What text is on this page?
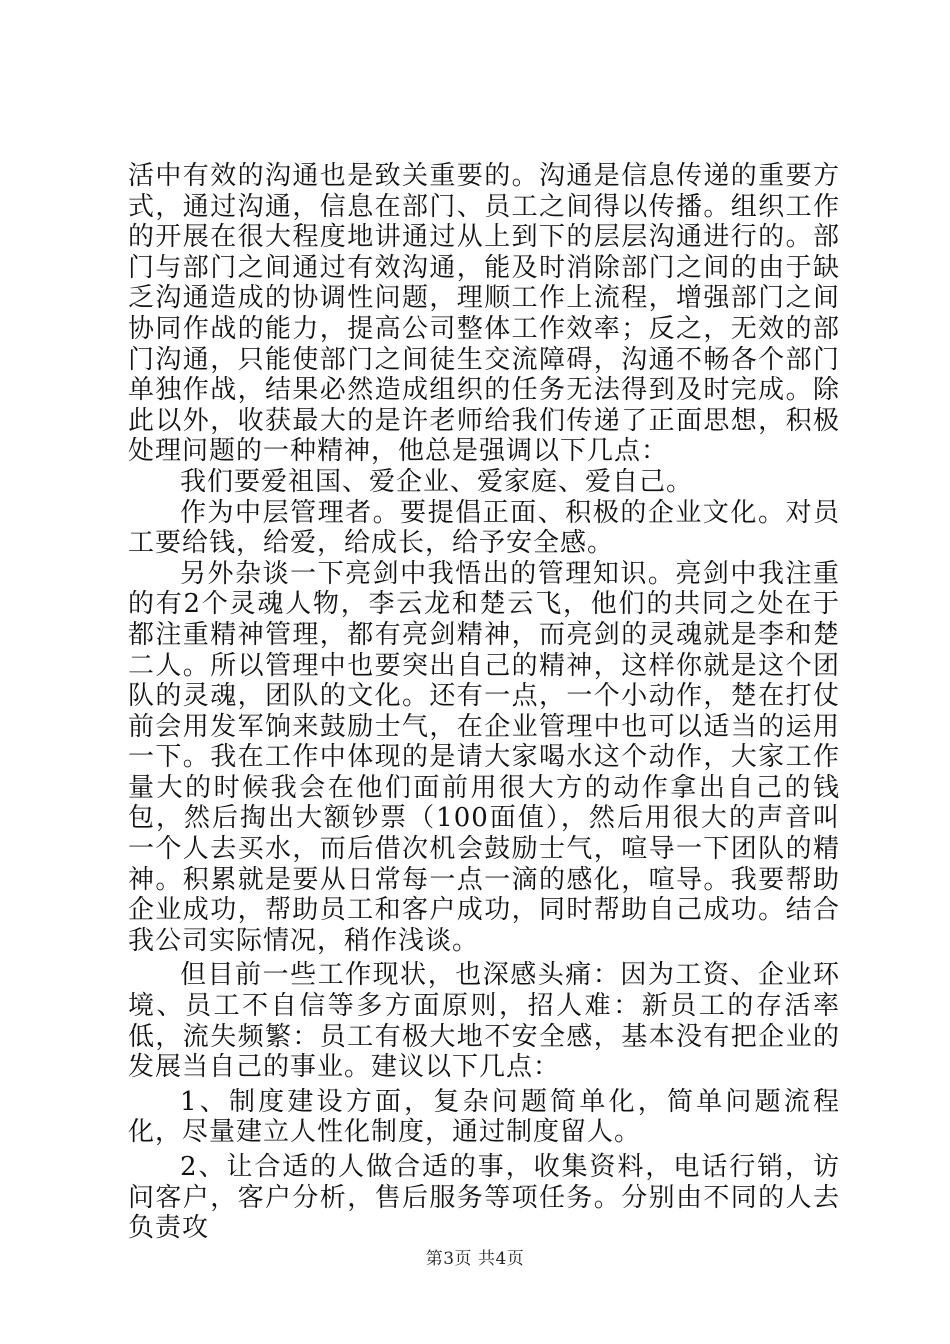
活中有效的沟通也是致关重要的。沟通是信息传递的重要方式，通过沟通，信息在部门、员工之间得以传播。组织工作的开展在很大程度地讲通过从上到下的层层沟通进行的。部门与部门之间通过有效沟通，能及时消除部门之间的由于缺乏沟通造成的协调性问题，理顺工作上流程，增强部门之间协同作战的能力，提高公司整体工作效率；反之，无效的部门沟通，只能使部门之间徒生交流障碍，沟通不畅各个部门单独作战，结果必然造成组织的任务无法得到及时完成。除此以外，收获最大的是许老师给我们传递了正面思想，积极处理问题的一种精神，他总是强调以下几点：

我们要爱祖国、爱企业、爱家庭、爱自己。

作为中层管理者。要提倡正面、积极的企业文化。对员工要给钱，给爱，给成长，给予安全感。

另外杂谈一下亮剑中我悟出的管理知识。亮剑中我注重的有2个灵魂人物，李云龙和楚云飞，他们的共同之处在于都注重精神管理，都有亮剑精神，而亮剑的灵魂就是李和楚二人。所以管理中也要突出自己的精神，这样你就是这个团队的灵魂，团队的文化。还有一点，一个小动作，楚在打仗前会用发军饷来鼓励士气，在企业管理中也可以适当的运用一下。我在工作中体现的是请大家喝水这个动作，大家工作量大的时候我会在他们面前用很大方的动作拿出自己的钱包，然后掏出大额钞票（100面值），然后用很大的声音叫一个人去买水，而后借次机会鼓励士气，喧导一下团队的精神。积累就是要从日常每一点一滴的感化，喧导。我要帮助企业成功，帮助员工和客户成功，同时帮助自己成功。结合我公司实际情况，稍作浅谈。

但目前一些工作现状，也深感头痛：因为工资、企业环境、员工不自信等多方面原则，招人难：新员工的存活率低，流失频繁：员工有极大地不安全感，基本没有把企业的发展当自己的事业。建议以下几点：

1、制度建设方面，复杂问题简单化，简单问题流程化，尽量建立人性化制度，通过制度留人。

2、让合适的人做合适的事，收集资料，电话行销，访问客户，客户分析，售后服务等项任务。分别由不同的人去负责攻

第3页 共4页
